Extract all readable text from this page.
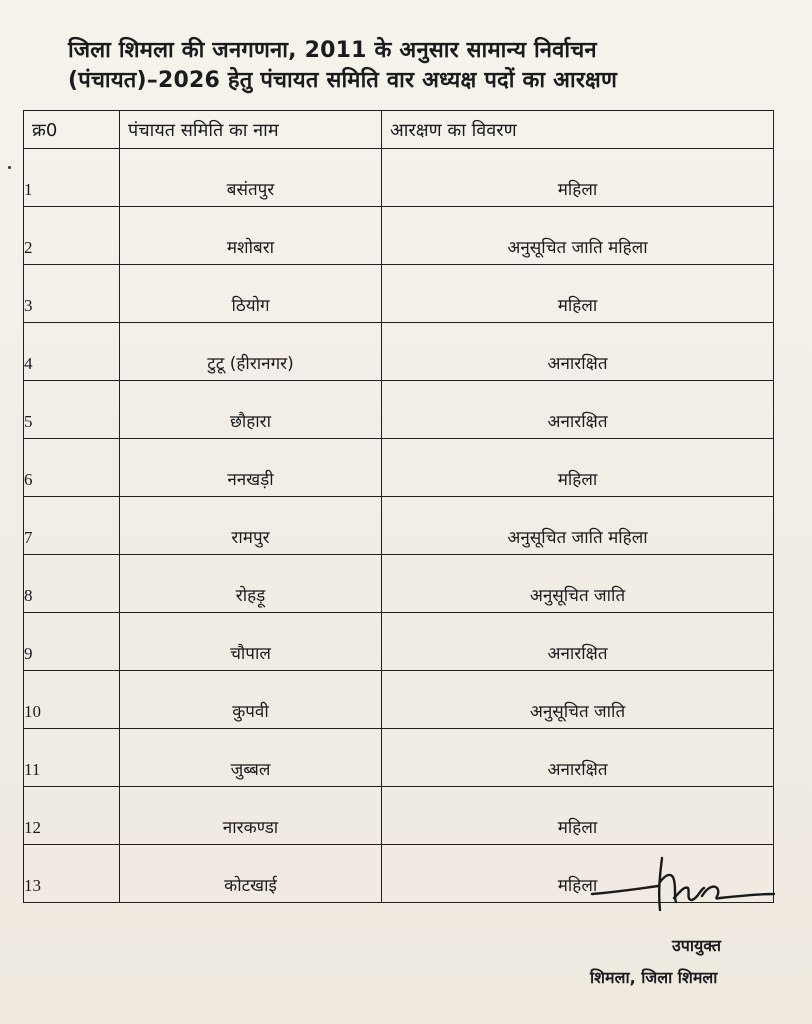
जिला शिमला की जनगणना, 2011 के अनुसार सामान्य निर्वाचन
(पंचायत)–2026 हेतु पंचायत समिति वार अध्यक्ष पदों का आरक्षण
क्र0	पंचायत समिति का नाम	आरक्षण का विवरण
1	बसंतपुर	महिला
2	मशोबरा	अनुसूचित जाति महिला
3	ठियोग	महिला
4	टुटू (हीरानगर)	अनारक्षित
5	छौहारा	अनारक्षित
6	ननखड़ी	महिला
7	रामपुर	अनुसूचित जाति महिला
8	रोहड़ू	अनुसूचित जाति
9	चौपाल	अनारक्षित
10	कुपवी	अनुसूचित जाति
11	जुब्बल	अनारक्षित
12	नारकण्डा	महिला
13	कोटखाई	महिला
उपायुक्त
शिमला, जिला शिमला
